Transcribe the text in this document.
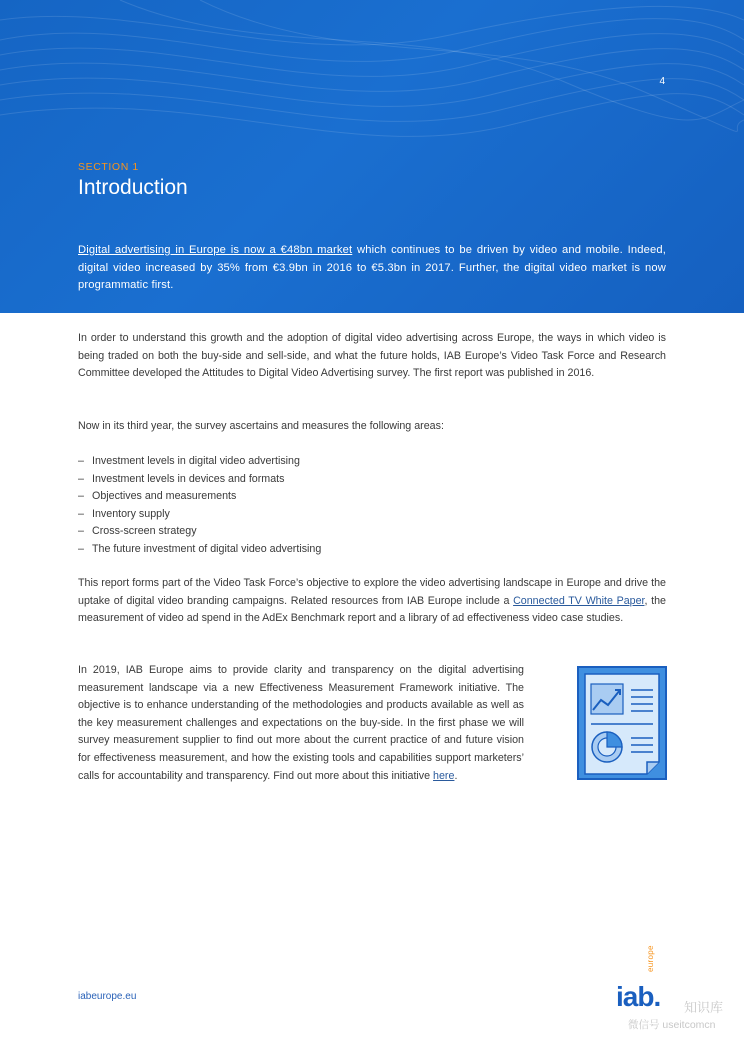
4
SECTION 1
Introduction

Digital advertising in Europe is now a €48bn market which continues to be driven by video and mobile. Indeed, digital video increased by 35% from €3.9bn in 2016 to €5.3bn in 2017. Further, the digital video market is now programmatic first.

In order to understand this growth and the adoption of digital video advertising across Europe, the ways in which video is being traded on both the buy-side and sell-side, and what the future holds, IAB Europe’s Video Task Force and Research Committee developed the Attitudes to Digital Video Advertising survey. The first report was published in 2016.

Now in its third year, the survey ascertains and measures the following areas:

– Investment levels in digital video advertising
– Investment levels in devices and formats
– Objectives and measurements
– Inventory supply
– Cross-screen strategy
– The future investment of digital video advertising

This report forms part of the Video Task Force’s objective to explore the video advertising landscape in Europe and drive the uptake of digital video branding campaigns. Related resources from IAB Europe include a Connected TV White Paper, the measurement of video ad spend in the AdEx Benchmark report and a library of ad effectiveness video case studies.

In 2019, IAB Europe aims to provide clarity and transparency on the digital advertising measurement landscape via a new Effectiveness Measurement Framework initiative. The objective is to enhance understanding of the methodologies and products available as well as the key measurement challenges and expectations on the buy-side. In the first phase we will survey measurement supplier to find out more about the current practice of and future vision for effectiveness measurement, and how the existing tools and capabilities support marketers’ calls for accountability and transparency. Find out more about this initiative here.

iabeurope.eu	iab.
europe
知识库
微信号 useitcomcn
